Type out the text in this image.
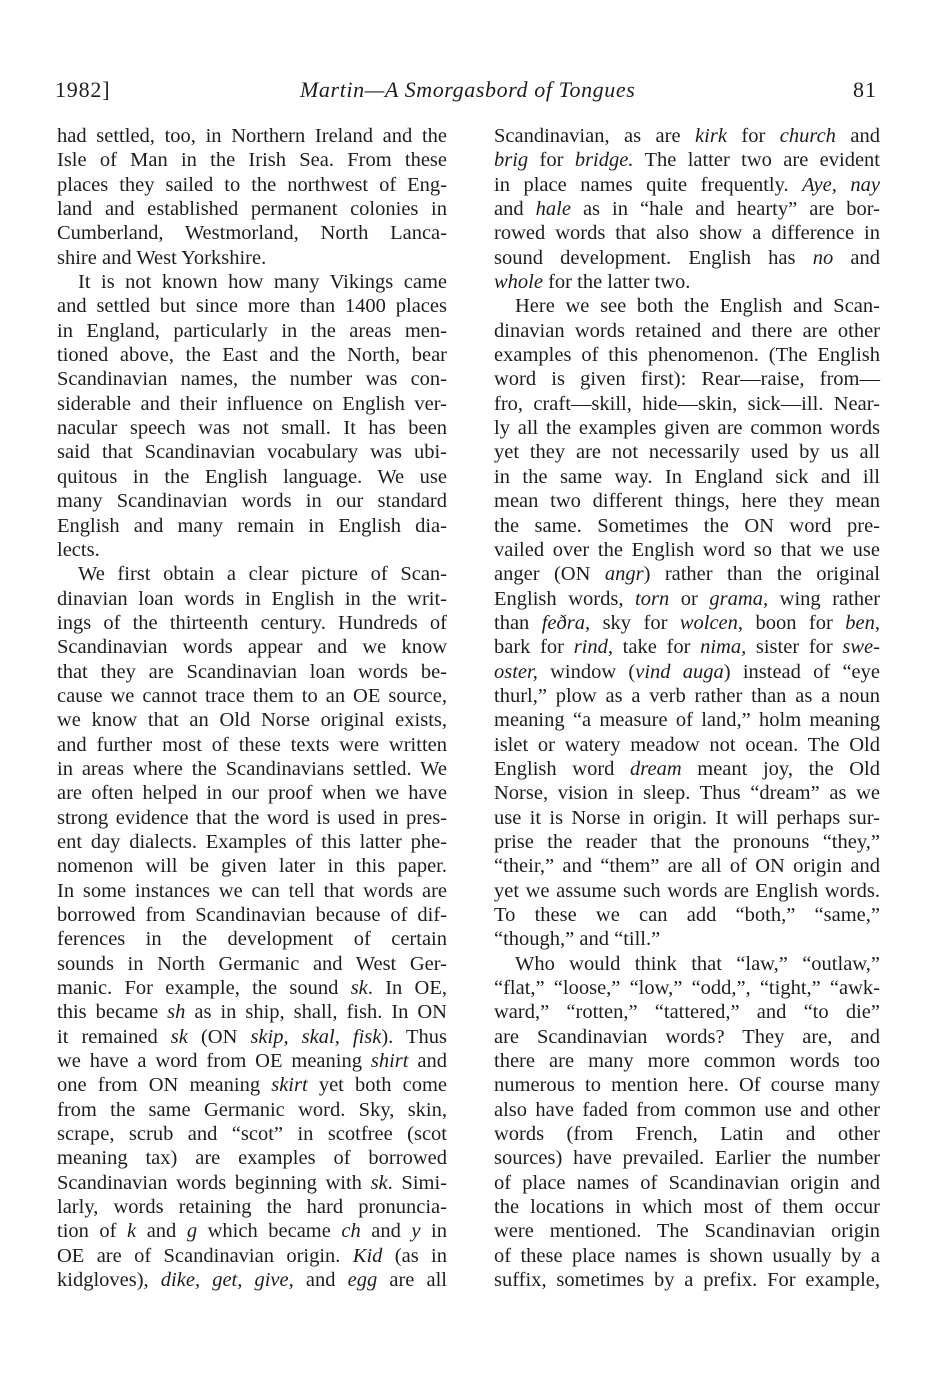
1982]	Martin—A Smorgasbord of Tongues	81
had settled, too, in Northern Ireland and the
Isle of Man in the Irish Sea. From these
places they sailed to the northwest of Eng-
land and established permanent colonies in
Cumberland, Westmorland, North Lanca-
shire and West Yorkshire.
It is not known how many Vikings came
and settled but since more than 1400 places
in England, particularly in the areas men-
tioned above, the East and the North, bear
Scandinavian names, the number was con-
siderable and their influence on English ver-
nacular speech was not small. It has been
said that Scandinavian vocabulary was ubi-
quitous in the English language. We use
many Scandinavian words in our standard
English and many remain in English dia-
lects.
We first obtain a clear picture of Scan-
dinavian loan words in English in the writ-
ings of the thirteenth century. Hundreds of
Scandinavian words appear and we know
that they are Scandinavian loan words be-
cause we cannot trace them to an OE source,
we know that an Old Norse original exists,
and further most of these texts were written
in areas where the Scandinavians settled. We
are often helped in our proof when we have
strong evidence that the word is used in pres-
ent day dialects. Examples of this latter phe-
nomenon will be given later in this paper.
In some instances we can tell that words are
borrowed from Scandinavian because of dif-
ferences in the development of certain
sounds in North Germanic and West Ger-
manic. For example, the sound sk. In OE,
this became sh as in ship, shall, fish. In ON
it remained sk (ON skip, skal, fisk). Thus
we have a word from OE meaning shirt and
one from ON meaning skirt yet both come
from the same Germanic word. Sky, skin,
scrape, scrub and “scot” in scotfree (scot
meaning tax) are examples of borrowed
Scandinavian words beginning with sk. Simi-
larly, words retaining the hard pronuncia-
tion of k and g which became ch and y in
OE are of Scandinavian origin. Kid (as in
kidgloves), dike, get, give, and egg are all
Scandinavian, as are kirk for church and
brig for bridge. The latter two are evident
in place names quite frequently. Aye, nay
and hale as in “hale and hearty” are bor-
rowed words that also show a difference in
sound development. English has no and
whole for the latter two.
Here we see both the English and Scan-
dinavian words retained and there are other
examples of this phenomenon. (The English
word is given first): Rear—raise, from—
fro, craft—skill, hide—skin, sick—ill. Near-
ly all the examples given are common words
yet they are not necessarily used by us all
in the same way. In England sick and ill
mean two different things, here they mean
the same. Sometimes the ON word pre-
vailed over the English word so that we use
anger (ON angr) rather than the original
English words, torn or grama, wing rather
than feðra, sky for wolcen, boon for ben,
bark for rind, take for nima, sister for swe-
oster, window (vind auga) instead of “eye
thurl,” plow as a verb rather than as a noun
meaning “a measure of land,” holm meaning
islet or watery meadow not ocean. The Old
English word dream meant joy, the Old
Norse, vision in sleep. Thus “dream” as we
use it is Norse in origin. It will perhaps sur-
prise the reader that the pronouns “they,”
“their,” and “them” are all of ON origin and
yet we assume such words are English words.
To these we can add “both,” “same,”
“though,” and “till.”
Who would think that “law,” “outlaw,”
“flat,” “loose,” “low,” “odd,”, “tight,” “awk-
ward,” “rotten,” “tattered,” and “to die”
are Scandinavian words? They are, and
there are many more common words too
numerous to mention here. Of course many
also have faded from common use and other
words (from French, Latin and other
sources) have prevailed. Earlier the number
of place names of Scandinavian origin and
the locations in which most of them occur
were mentioned. The Scandinavian origin
of these place names is shown usually by a
suffix, sometimes by a prefix. For example,
